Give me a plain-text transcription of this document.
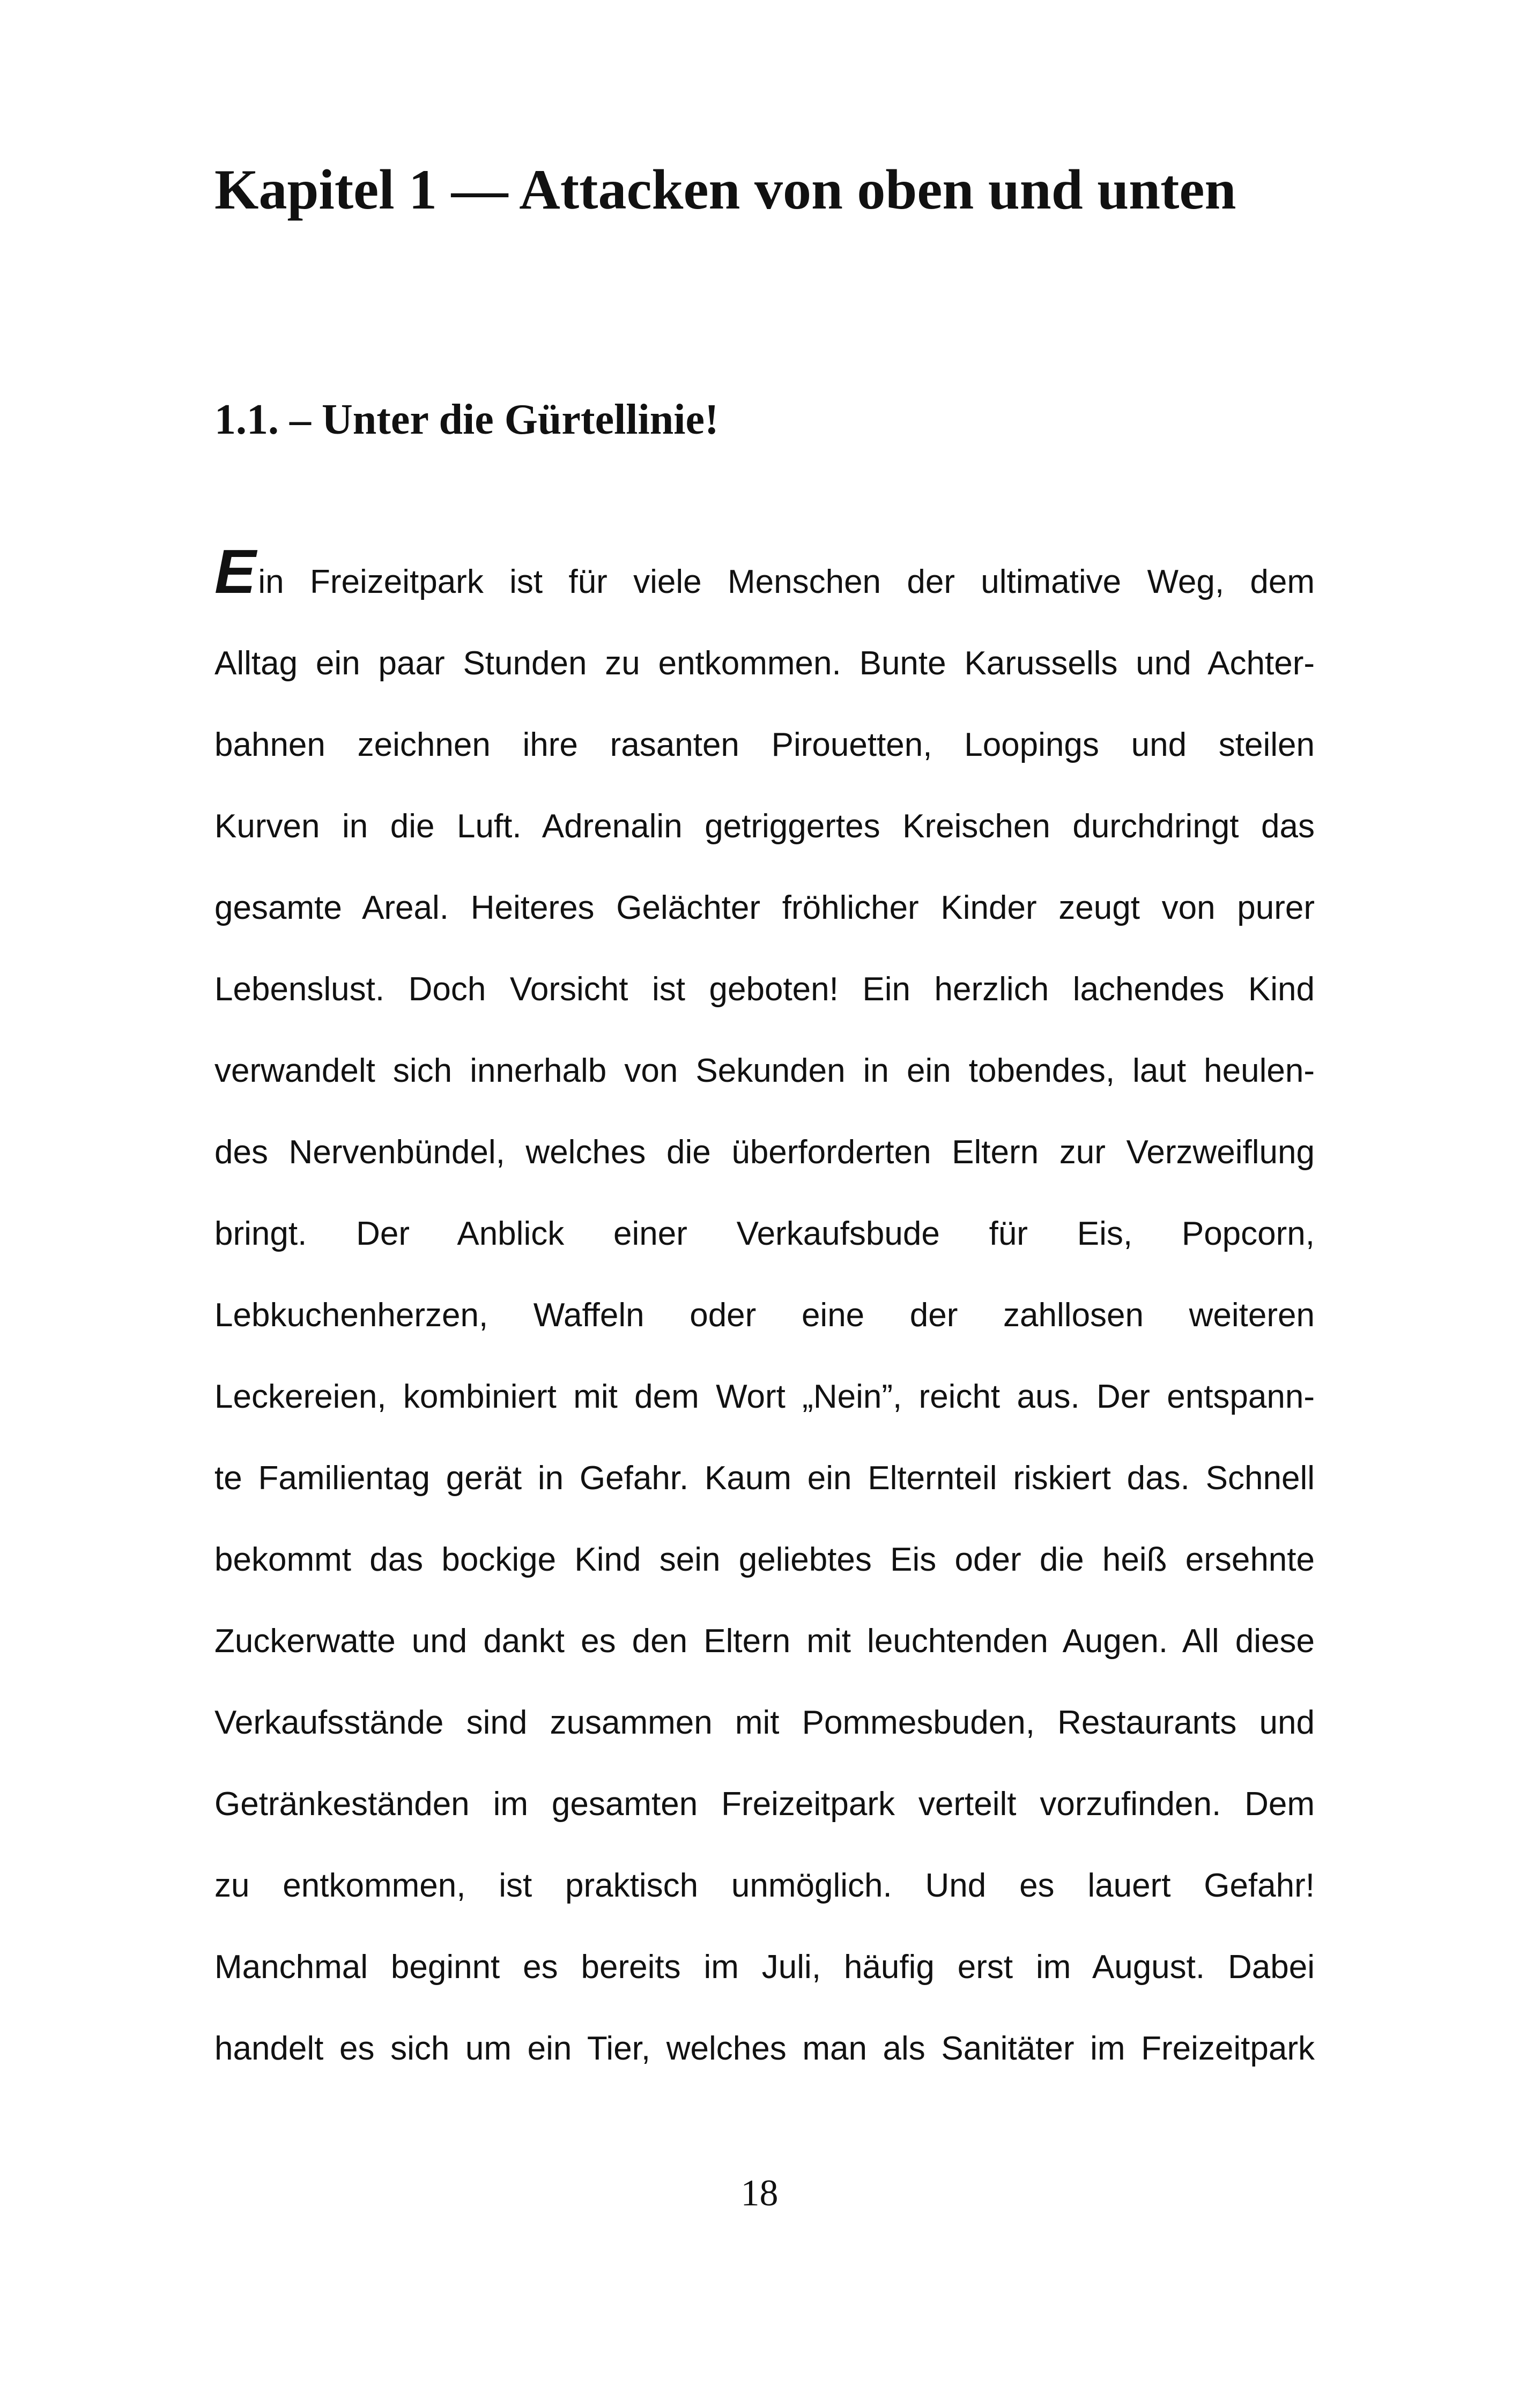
Kapitel 1 — Attacken von oben und unten
1.1. – Unter die Gürtellinie!
Ein Freizeitpark ist für viele Menschen der ultimative Weg, dem
Alltag ein paar Stunden zu entkommen. Bunte Karussells und Achter-
bahnen zeichnen ihre rasanten Pirouetten, Loopings und steilen
Kurven in die Luft. Adrenalin getriggertes Kreischen durchdringt das
gesamte Areal. Heiteres Gelächter fröhlicher Kinder zeugt von purer
Lebenslust. Doch Vorsicht ist geboten! Ein herzlich lachendes Kind
verwandelt sich innerhalb von Sekunden in ein tobendes, laut heulen-
des Nervenbündel, welches die überforderten Eltern zur Verzweiflung
bringt. Der Anblick einer Verkaufsbude für Eis, Popcorn,
Lebkuchenherzen, Waffeln oder eine der zahllosen weiteren
Leckereien, kombiniert mit dem Wort „Nein”, reicht aus. Der entspann-
te Familientag gerät in Gefahr. Kaum ein Elternteil riskiert das. Schnell
bekommt das bockige Kind sein geliebtes Eis oder die heiß ersehnte
Zuckerwatte und dankt es den Eltern mit leuchtenden Augen. All diese
Verkaufsstände sind zusammen mit Pommesbuden, Restaurants und
Getränkeständen im gesamten Freizeitpark verteilt vorzufinden. Dem
zu entkommen, ist praktisch unmöglich. Und es lauert Gefahr!
Manchmal beginnt es bereits im Juli, häufig erst im August. Dabei
handelt es sich um ein Tier, welches man als Sanitäter im Freizeitpark
18
